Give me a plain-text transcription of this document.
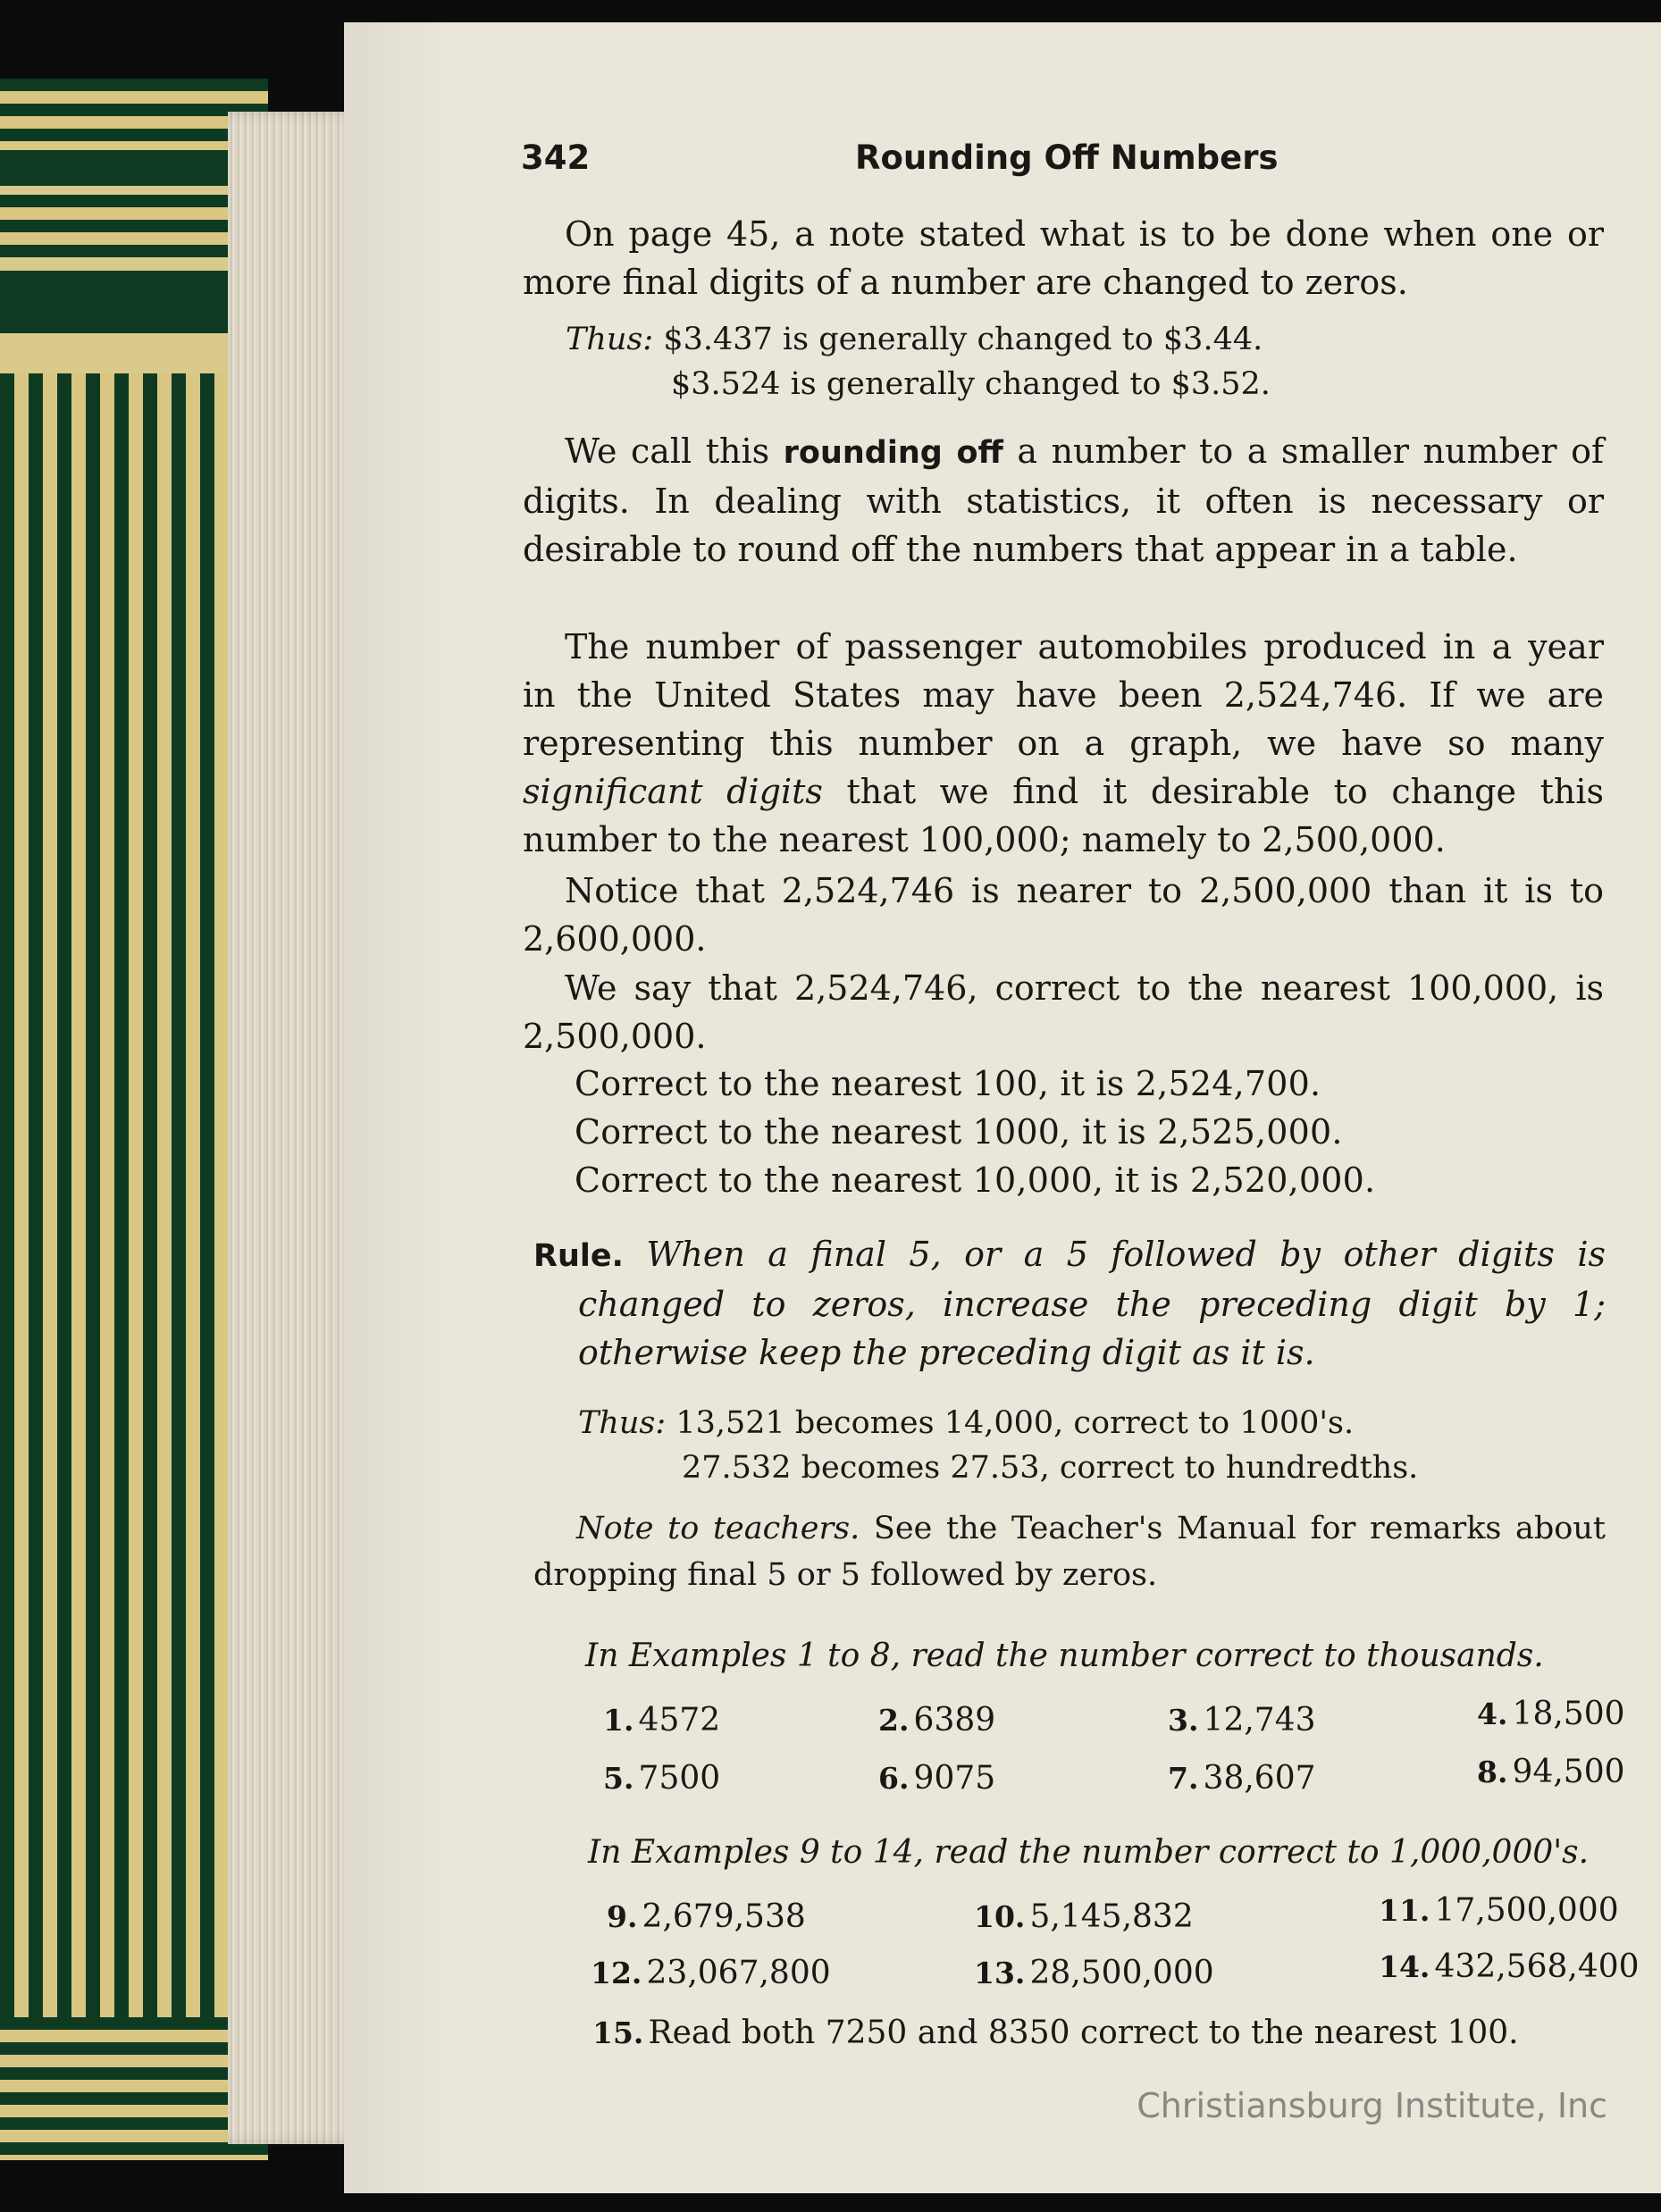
342	Rounding Off Numbers

On page 45, a note stated what is to be done when one or more final digits of a number are changed to zeros.

Thus: $3.437 is generally changed to $3.44.
$3.524 is generally changed to $3.52.

We call this rounding off a number to a smaller number of digits. In dealing with statistics, it often is necessary or desirable to round off the numbers that appear in a table.

The number of passenger automobiles produced in a year in the United States may have been 2,524,746. If we are representing this number on a graph, we have so many significant digits that we find it desirable to change this number to the nearest 100,000; namely to 2,500,000.

Notice that 2,524,746 is nearer to 2,500,000 than it is to 2,600,000.

We say that 2,524,746, correct to the nearest 100,000, is 2,500,000.

Correct to the nearest 100, it is 2,524,700.
Correct to the nearest 1000, it is 2,525,000.
Correct to the nearest 10,000, it is 2,520,000.

Rule. When a final 5, or a 5 followed by other digits is changed to zeros, increase the preceding digit by 1; otherwise keep the preceding digit as it is.

Thus: 13,521 becomes 14,000, correct to 1000's.
27.532 becomes 27.53, correct to hundredths.

Note to teachers. See the Teacher's Manual for remarks about dropping final 5 or 5 followed by zeros.

In Examples 1 to 8, read the number correct to thousands.
1. 4572	2. 6389	3. 12,743	4. 18,500
5. 7500	6. 9075	7. 38,607	8. 94,500
In Examples 9 to 14, read the number correct to 1,000,000's.
9. 2,679,538	10. 5,145,832	11. 17,500,000
12. 23,067,800	13. 28,500,000	14. 432,568,400
15. Read both 7250 and 8350 correct to the nearest 100.
Christiansburg Institute, Inc
